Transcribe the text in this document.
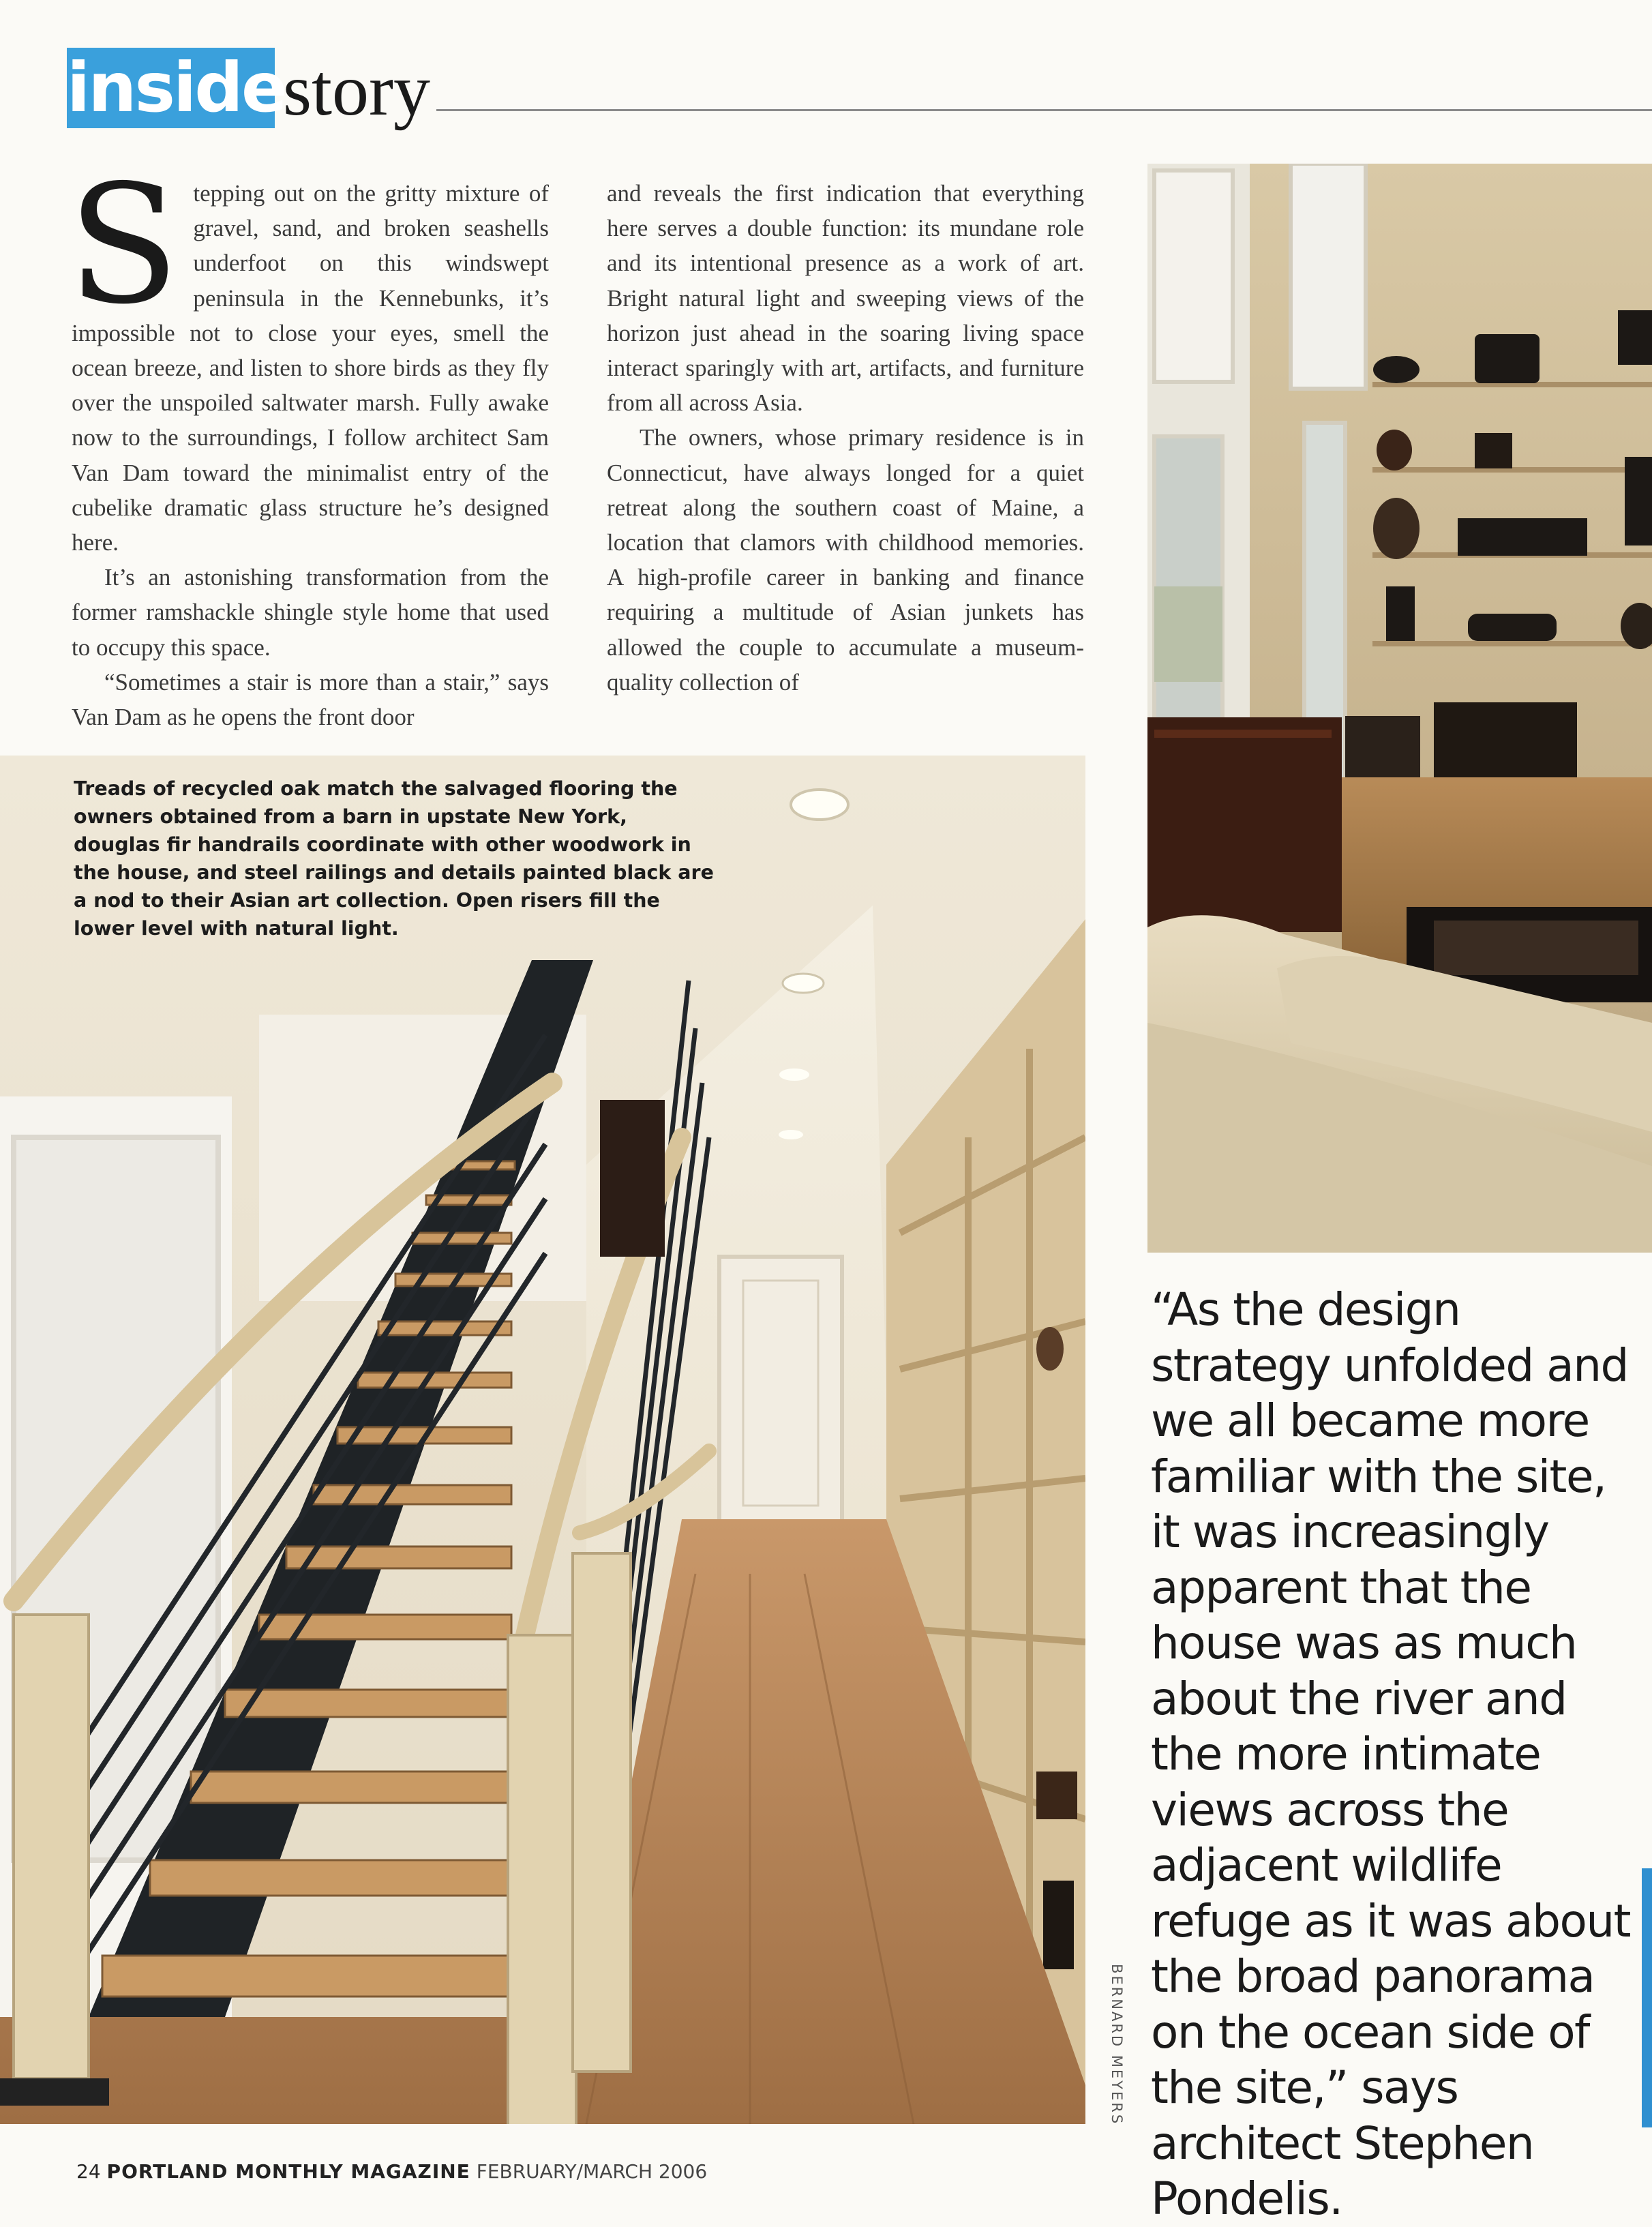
inside
story

Stepping out on the gritty mixture of gravel, sand, and broken seashells underfoot on this windswept peninsula in the Kennebunks, it’s impossible not to close your eyes, smell the ocean breeze, and listen to shore birds as they fly over the unspoiled saltwater marsh. Fully awake now to the surroundings, I follow architect Sam Van Dam toward the minimalist entry of the cubelike dramatic glass structure he’s designed here.

It’s an astonishing transformation from the former ramshackle shingle style home that used to occupy this space.

“Sometimes a stair is more than a stair,” says Van Dam as he opens the front door

and reveals the first indication that everything here serves a double function: its mundane role and its intentional presence as a work of art. Bright natural light and sweeping views of the horizon just ahead in the soaring living space interact sparingly with art, artifacts, and furniture from all across Asia.

The owners, whose primary residence is in Connecticut, have always longed for a quiet retreat along the southern coast of Maine, a location that clamors with childhood memories. A high-profile career in banking and finance requiring a multitude of Asian junkets has allowed the couple to accumulate a museum-quality collection of

Treads of recycled oak match the salvaged flooring the owners obtained from a barn in upstate New York, douglas fir handrails coordinate with other woodwork in the house, and steel railings and details painted black are a nod to their Asian art collection. Open risers fill the lower level with natural light.
BERNARD MEYERS
“As the design strategy unfolded and we all became more familiar with the site, it was increasingly apparent that the house was as much about the river and the more intimate views across the adjacent wildlife refuge as it was about the broad panorama on the ocean side of the site,” says architect Stephen Pondelis.
24 PORTLAND MONTHLY MAGAZINE FEBRUARY/MARCH 2006
